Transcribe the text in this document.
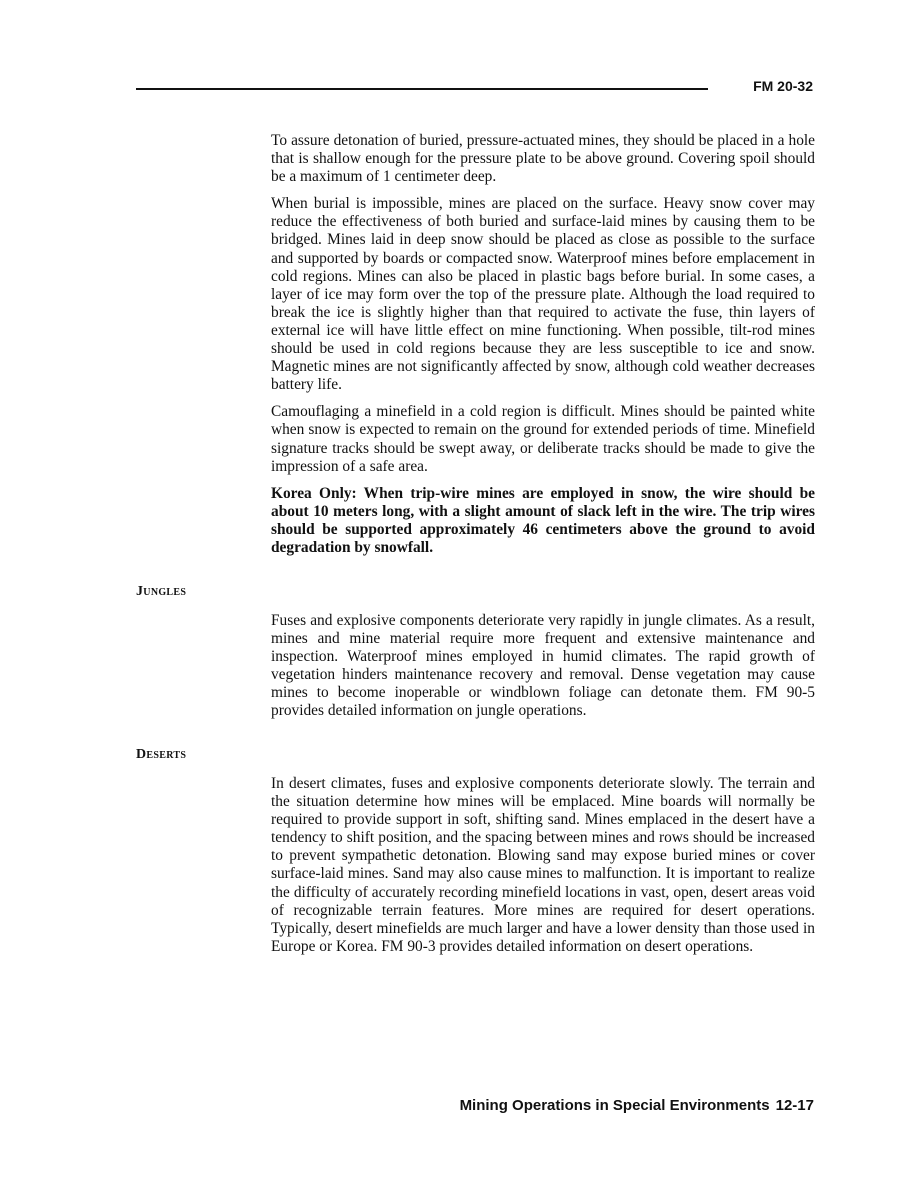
FM 20-32

To assure detonation of buried, pressure-actuated mines, they should be placed in a hole that is shallow enough for the pressure plate to be above ground. Covering spoil should be a maximum of 1 centimeter deep.

When burial is impossible, mines are placed on the surface. Heavy snow cover may reduce the effectiveness of both buried and surface-laid mines by causing them to be bridged. Mines laid in deep snow should be placed as close as possible to the surface and supported by boards or compacted snow. Waterproof mines before emplacement in cold regions. Mines can also be placed in plastic bags before burial. In some cases, a layer of ice may form over the top of the pressure plate. Although the load required to break the ice is slightly higher than that required to activate the fuse, thin layers of external ice will have little effect on mine functioning. When possible, tilt-rod mines should be used in cold regions because they are less susceptible to ice and snow. Magnetic mines are not significantly affected by snow, although cold weather decreases battery life.

Camouflaging a minefield in a cold region is difficult. Mines should be painted white when snow is expected to remain on the ground for extended periods of time. Minefield signature tracks should be swept away, or deliberate tracks should be made to give the impression of a safe area.

Korea Only: When trip-wire mines are employed in snow, the wire should be about 10 meters long, with a slight amount of slack left in the wire. The trip wires should be supported approximately 46 centimeters above the ground to avoid degradation by snowfall.

Jungles

Fuses and explosive components deteriorate very rapidly in jungle climates. As a result, mines and mine material require more frequent and extensive maintenance and inspection. Waterproof mines employed in humid climates. The rapid growth of vegetation hinders maintenance recovery and removal. Dense vegetation may cause mines to become inoperable or windblown foliage can detonate them. FM 90-5 provides detailed information on jungle operations.

Deserts

In desert climates, fuses and explosive components deteriorate slowly. The terrain and the situation determine how mines will be emplaced. Mine boards will normally be required to provide support in soft, shifting sand. Mines emplaced in the desert have a tendency to shift position, and the spacing between mines and rows should be increased to prevent sympathetic detonation. Blowing sand may expose buried mines or cover surface-laid mines. Sand may also cause mines to malfunction. It is important to realize the difficulty of accurately recording minefield locations in vast, open, desert areas void of recognizable terrain features. More mines are required for desert operations. Typically, desert minefields are much larger and have a lower density than those used in Europe or Korea. FM 90-3 provides detailed information on desert operations.

Mining Operations in Special Environments 12-17
